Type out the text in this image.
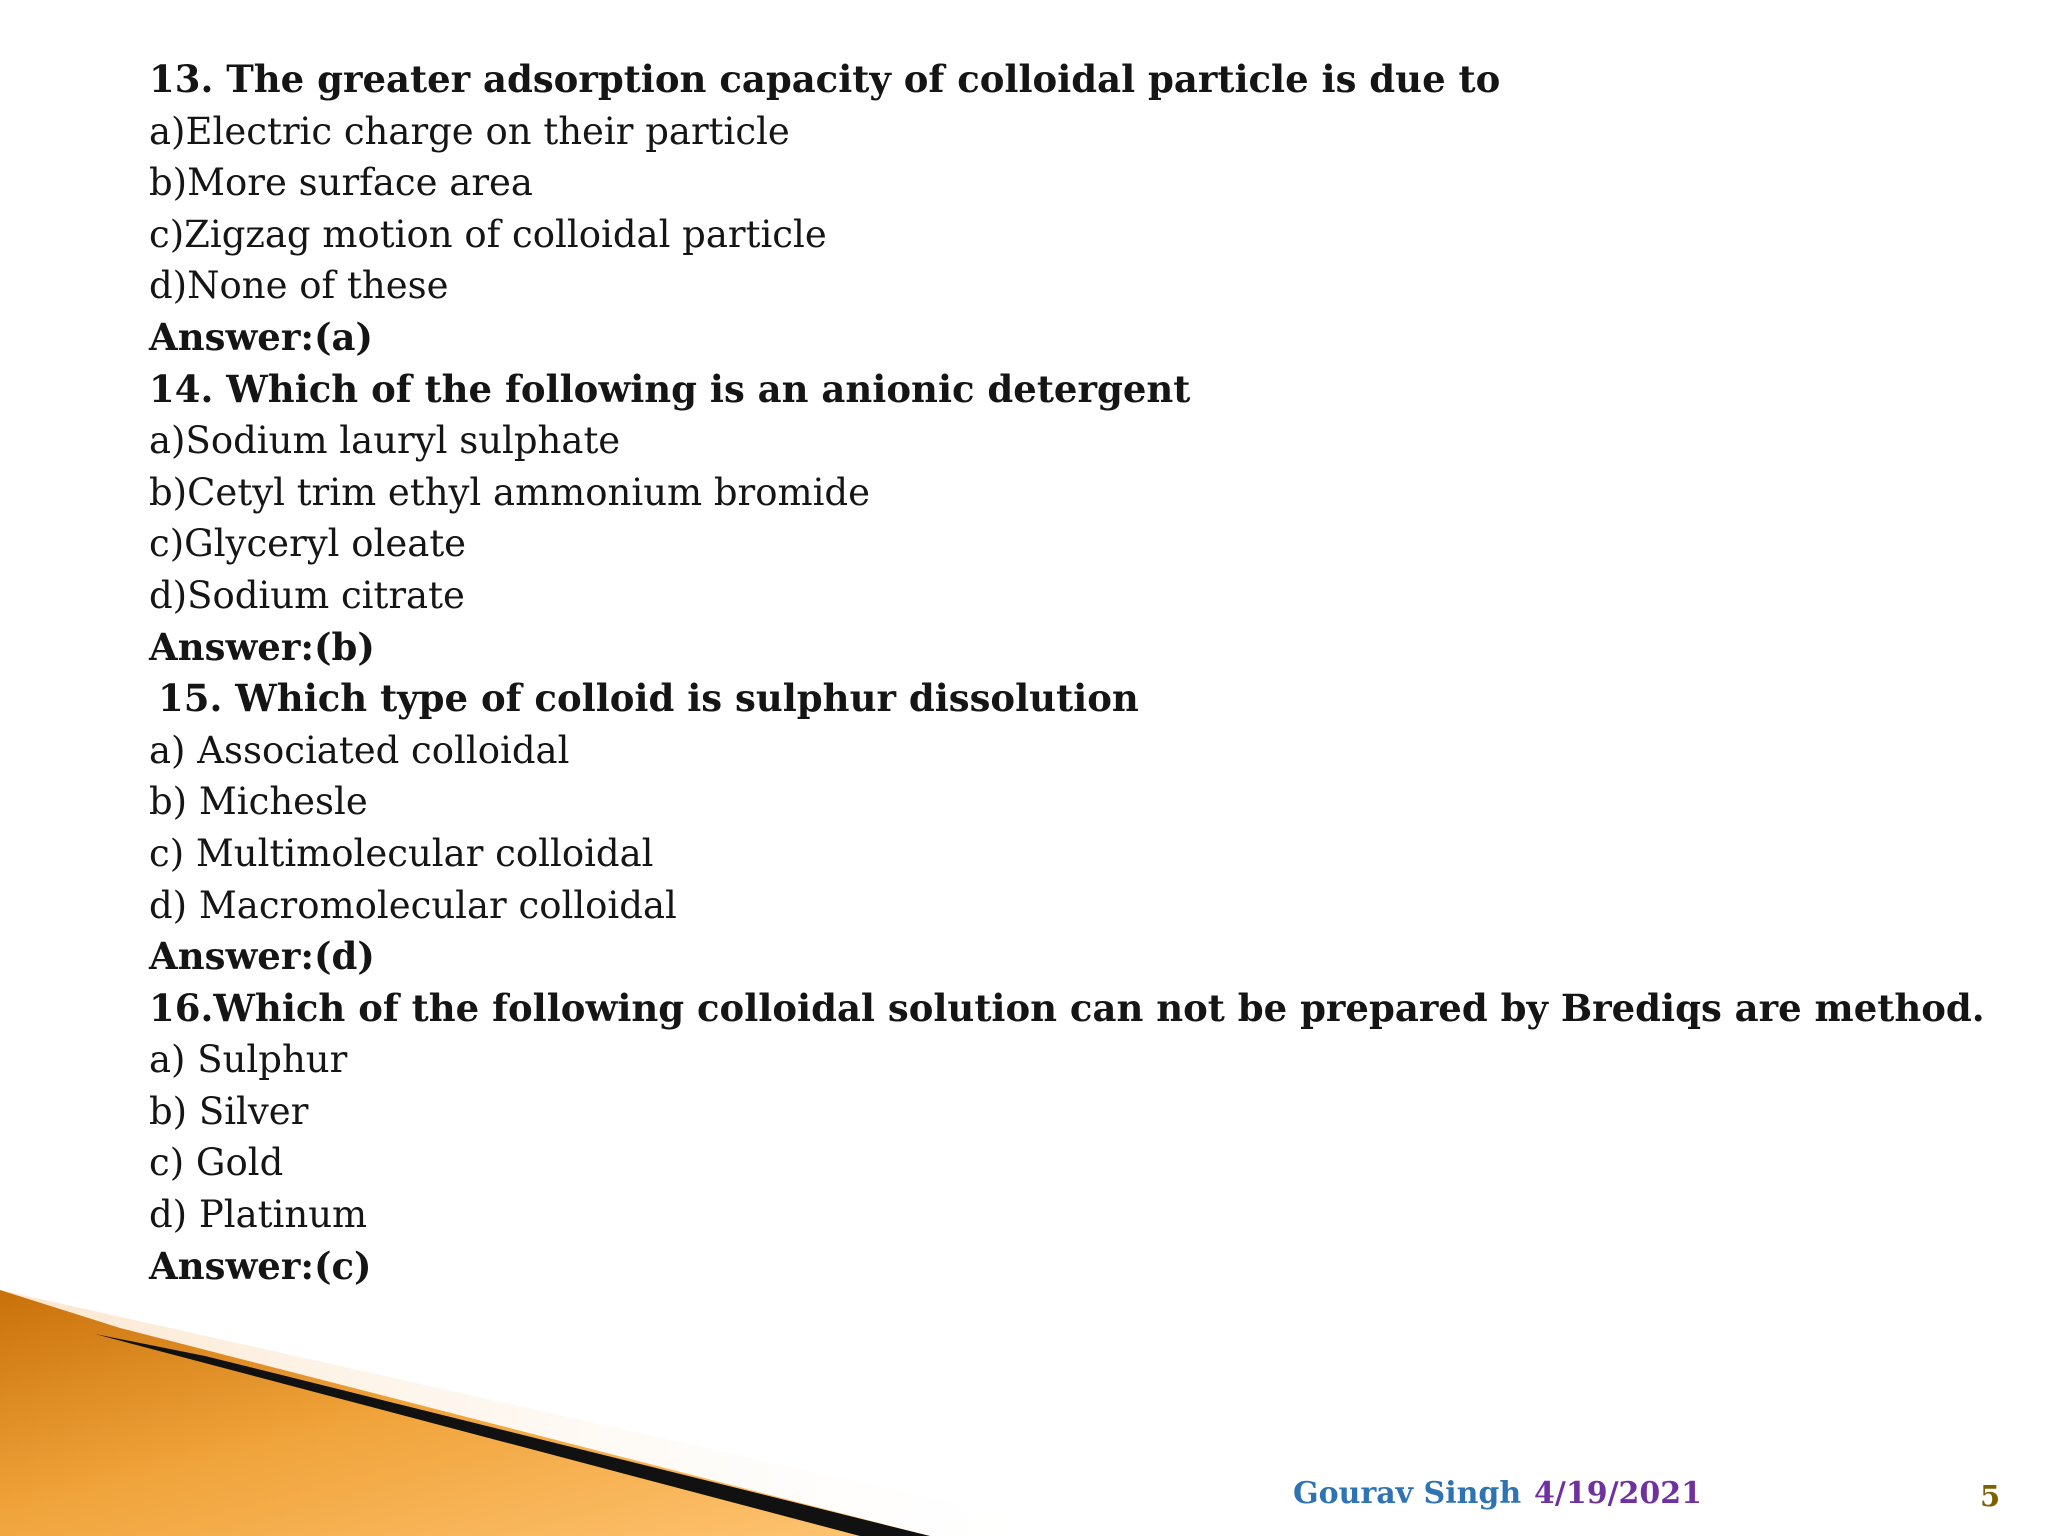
13. The greater adsorption capacity of colloidal particle is due to
a)Electric charge on their particle
b)More surface area
c)Zigzag motion of colloidal particle
d)None of these
Answer:(a)
14. Which of the following is an anionic detergent
a)Sodium lauryl sulphate
b)Cetyl trim ethyl ammonium bromide
c)Glyceryl oleate
d)Sodium citrate
Answer:(b)
15. Which type of colloid is sulphur dissolution
a) Associated colloidal
b) Michesle
c) Multimolecular colloidal
d) Macromolecular colloidal
Answer:(d)
16.Which of the following colloidal solution can not be prepared by Brediqs are method.
a) Sulphur
b) Silver
c) Gold
d) Platinum
Answer:(c)
Gourav Singh 4/19/2021	5
